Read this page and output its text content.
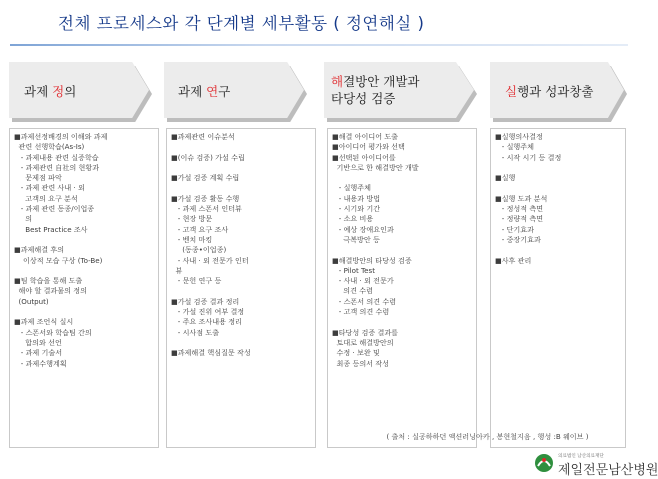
전체 프로세스와 각 단계별 세부활동 ( 정연해실 )
과제 정의	과제 연구
해결방안 개발과
타당성 검증	실행과 성과창출
■과제선정배경의 이해와 과제
관련 선행학습(As-Is)
- 과제내용 관련 실증학습
- 과제관련 自社의 현황과
문제점 파악
- 과제 관련 사내 · 외
고객의 요구 분석
- 과제 관련 동종/이업종
의
Best Practice 조사

■과제해결 후의
이상적 모습 구상 (To-Be)

■팀 학습을 통해 도출
해야 할 결과물의 정의
(Output)

■과제 조언식 실시
- 스폰서와 학습팀 간의
합의와 선언
- 과제 기술서
- 과제수행계획
■과제관련 이슈분석

■(이슈 검증) 가설 수립

■가설 검증 계획 수립

■가설 검증 활동 수행
- 과제 스폰서 인터뷰
- 현장 방문
- 고객 요구 조사
- 벤치 마킹
(동종•이업종)
- 사내 · 외 전문가 인터
뷰
- 문헌 연구 등

■가설 검증 결과 정리
- 가설 진위 여부 결정
- 주요 조사내용 정리
- 시사점 도출

■과제해결 핵심질문 작성
■해결 아이디어 도출
■아이디어 평가와 선택
■선택된 아이디어를
기반으로 한 해결방안 개발

- 실행주체
- 내용과 방법
- 시기와 기간
- 소요 비용
- 예상 장애요인과
극복방안 등

■해결방안의 타당성 검증
- Pilot Test
- 사내 · 외 전문가
의견 수렴
- 스폰서 의견 수렴
- 고객 의견 수렴

■타당성 검증 결과를
토대로 해결방안의
수정 · 보완 및
최종 등의서 작성
■실행의사결정
- 실행주체
- 시작 시기 등 결정

■실행

■실행 도과 분석
- 정성적 측면
- 정량적 측면
- 단기효과
- 중장기효과

■사후 관리
( 출처 : 실공하하던 액션러닝아카 , 봉현철지음 , 행성 :B 웨이브 )
의료법인 남산의료재단
제일전문남산병원
